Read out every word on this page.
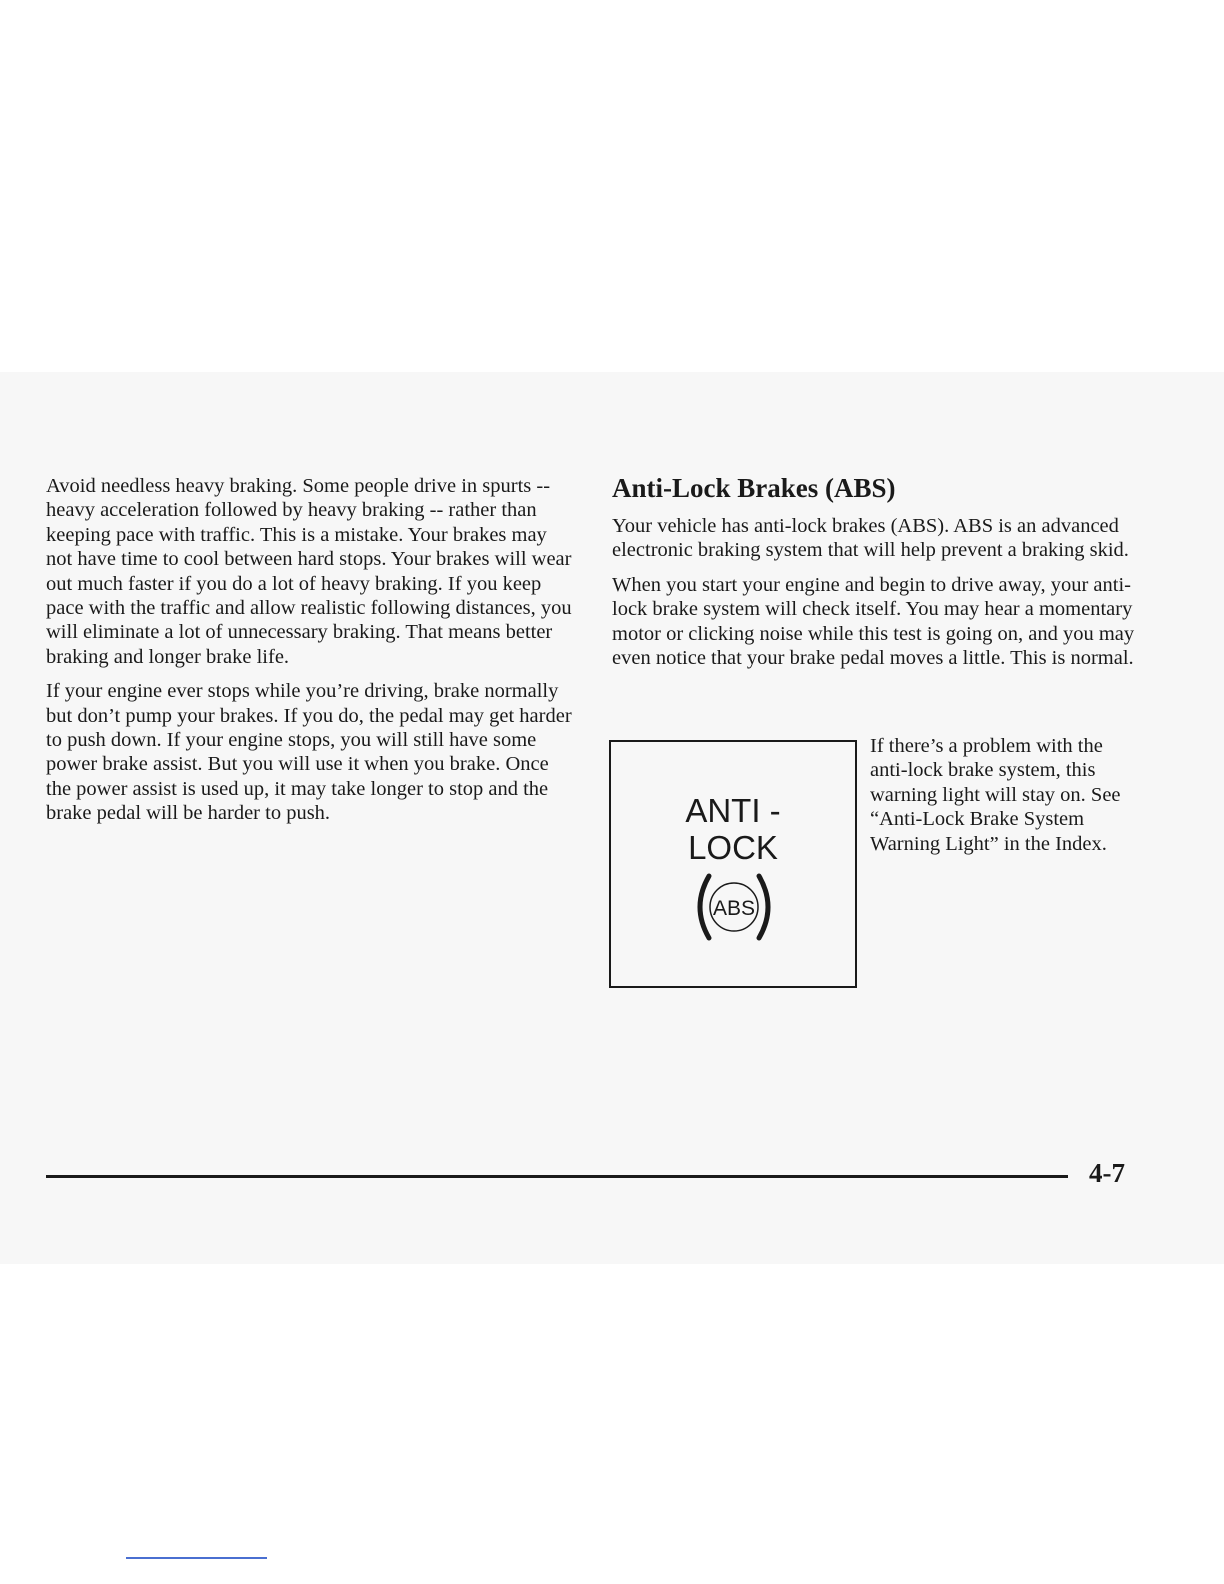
Avoid needless heavy braking. Some people drive in spurts -- heavy acceleration followed by heavy braking -- rather than keeping pace with traffic. This is a mistake. Your brakes may not have time to cool between hard stops. Your brakes will wear out much faster if you do a lot of heavy braking. If you keep pace with the traffic and allow realistic following distances, you will eliminate a lot of unnecessary braking. That means better braking and longer brake life.

If your engine ever stops while you’re driving, brake normally but don’t pump your brakes. If you do, the pedal may get harder to push down. If your engine stops, you will still have some power brake assist. But you will use it when you brake. Once the power assist is used up, it may take longer to stop and the brake pedal will be harder to push.

Anti-Lock Brakes (ABS)

Your vehicle has anti-lock brakes (ABS). ABS is an advanced electronic braking system that will help prevent a braking skid.

When you start your engine and begin to drive away, your anti-lock brake system will check itself. You may hear a momentary motor or clicking noise while this test is going on, and you may even notice that your brake pedal moves a little. This is normal.

ANTI -
LOCK
ABS
If there’s a problem with the anti-lock brake system, this warning light will stay on. See “Anti-Lock Brake System Warning Light” in the Index.
4-7
